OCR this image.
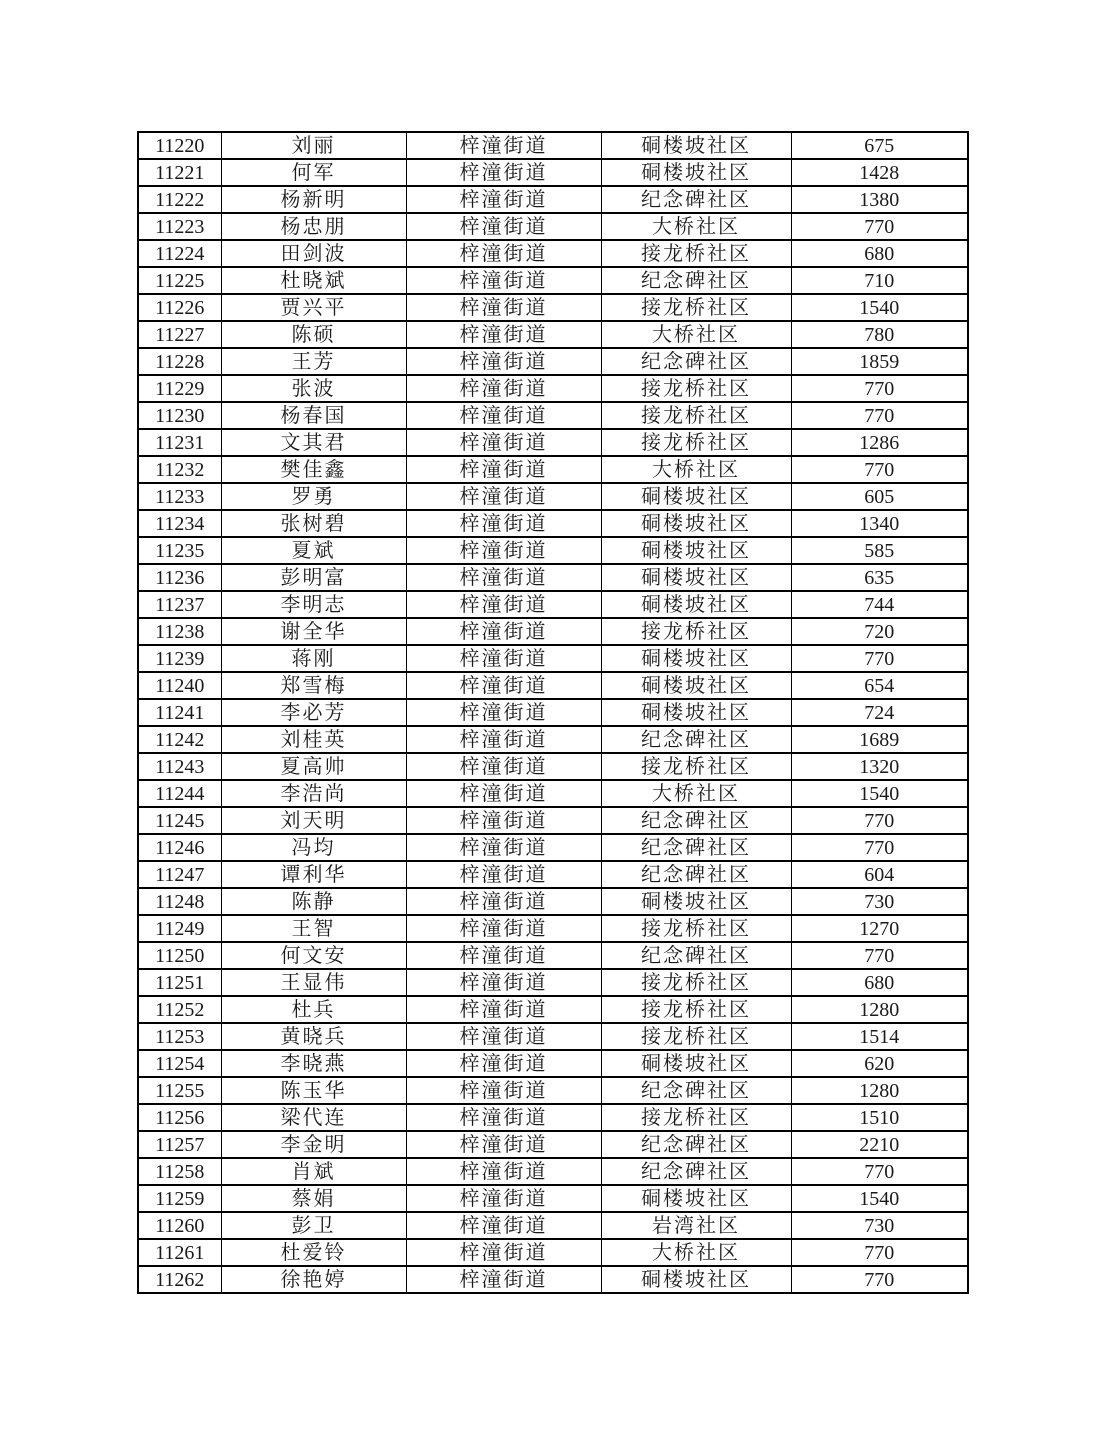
11220	刘丽	梓潼街道	硐楼坡社区	675
11221	何军	梓潼街道	硐楼坡社区	1428
11222	杨新明	梓潼街道	纪念碑社区	1380
11223	杨忠朋	梓潼街道	大桥社区	770
11224	田剑波	梓潼街道	接龙桥社区	680
11225	杜晓斌	梓潼街道	纪念碑社区	710
11226	贾兴平	梓潼街道	接龙桥社区	1540
11227	陈硕	梓潼街道	大桥社区	780
11228	王芳	梓潼街道	纪念碑社区	1859
11229	张波	梓潼街道	接龙桥社区	770
11230	杨春国	梓潼街道	接龙桥社区	770
11231	文其君	梓潼街道	接龙桥社区	1286
11232	樊佳鑫	梓潼街道	大桥社区	770
11233	罗勇	梓潼街道	硐楼坡社区	605
11234	张树碧	梓潼街道	硐楼坡社区	1340
11235	夏斌	梓潼街道	硐楼坡社区	585
11236	彭明富	梓潼街道	硐楼坡社区	635
11237	李明志	梓潼街道	硐楼坡社区	744
11238	谢全华	梓潼街道	接龙桥社区	720
11239	蒋刚	梓潼街道	硐楼坡社区	770
11240	郑雪梅	梓潼街道	硐楼坡社区	654
11241	李必芳	梓潼街道	硐楼坡社区	724
11242	刘桂英	梓潼街道	纪念碑社区	1689
11243	夏高帅	梓潼街道	接龙桥社区	1320
11244	李浩尚	梓潼街道	大桥社区	1540
11245	刘天明	梓潼街道	纪念碑社区	770
11246	冯均	梓潼街道	纪念碑社区	770
11247	谭利华	梓潼街道	纪念碑社区	604
11248	陈静	梓潼街道	硐楼坡社区	730
11249	王智	梓潼街道	接龙桥社区	1270
11250	何文安	梓潼街道	纪念碑社区	770
11251	王显伟	梓潼街道	接龙桥社区	680
11252	杜兵	梓潼街道	接龙桥社区	1280
11253	黄晓兵	梓潼街道	接龙桥社区	1514
11254	李晓燕	梓潼街道	硐楼坡社区	620
11255	陈玉华	梓潼街道	纪念碑社区	1280
11256	梁代连	梓潼街道	接龙桥社区	1510
11257	李金明	梓潼街道	纪念碑社区	2210
11258	肖斌	梓潼街道	纪念碑社区	770
11259	蔡娟	梓潼街道	硐楼坡社区	1540
11260	彭卫	梓潼街道	岩湾社区	730
11261	杜爱铃	梓潼街道	大桥社区	770
11262	徐艳婷	梓潼街道	硐楼坡社区	770
